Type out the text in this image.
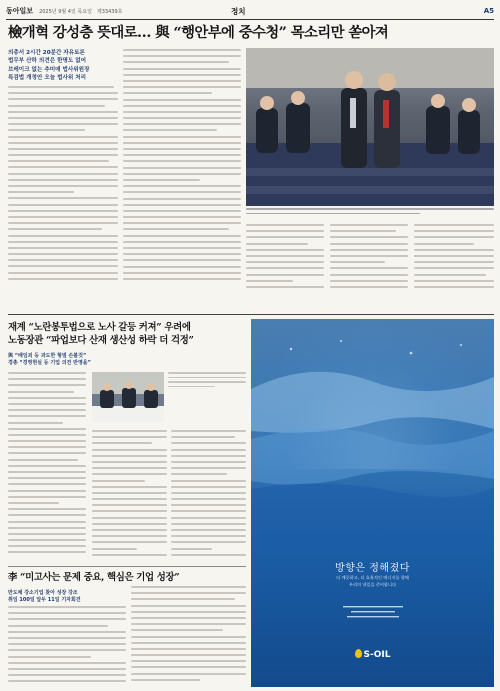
동아일보 2025년 9월 4일 목요일 제33439호	정치	A5
檢개혁 강성층 뜻대로… 與 “행안부에 중수청” 목소리만 쏟아져
의총서 2시간 20분간 자유토론
법무부 산하 의견은 한명도 없어
브레이크 없는 추미애 법사위원장
특검법 개정안 오늘 법사위 처리
재계 “노란봉투법으로 노사 갈등 커져” 우려에
노동장관 “파업보다 산재 생산성 하락 더 걱정”
與 “배임죄 등 과도한 형벌 손볼것”
경총 “경영현실 등 기업 의견 반영을”
李 “미고사는 문제 중요, 핵심은 기업 성장”
반도체 강소기업 찾아 성장 강조
취임 100일 앞두 11일 기자회견
방향은 정해졌다
더 깨끗하고, 더 효율적인 에너지를 향해
우리의 내일을 준비합니다
S-OIL
